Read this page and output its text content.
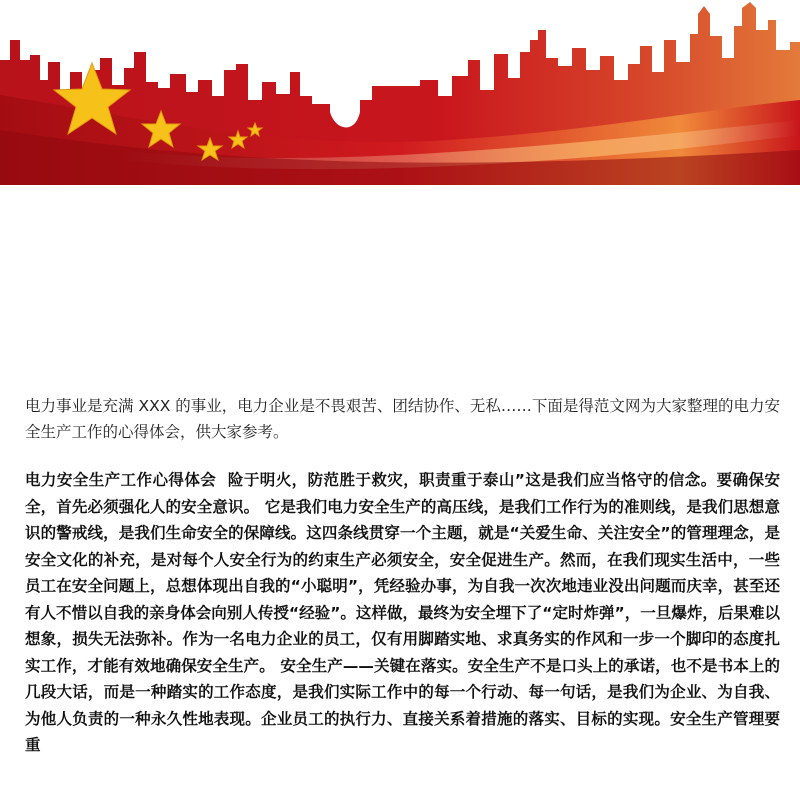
电力事业是充满 XXX 的事业，电力企业是不畏艰苦、团结协作、无私……下面是得范文网为大家整理的电力安全生产工作的心得体会，供大家参考。

电力安全生产工作心得体会 险于明火，防范胜于救灾，职责重于泰山”这是我们应当恪守的信念。要确保安全，首先必须强化人的安全意识。 它是我们电力安全生产的高压线，是我们工作行为的准则线，是我们思想意识的警戒线，是我们生命安全的保障线。这四条线贯穿一个主题，就是“关爱生命、关注安全”的管理理念，是安全文化的补充，是对每个人安全行为的约束生产必须安全，安全促进生产。然而，在我们现实生活中，一些员工在安全问题上，总想体现出自我的“小聪明”，凭经验办事，为自我一次次地违业没出问题而庆幸，甚至还有人不惜以自我的亲身体会向别人传授“经验”。这样做，最终为安全埋下了“定时炸弹”，一旦爆炸，后果难以想象，损失无法弥补。作为一名电力企业的员工，仅有用脚踏实地、求真务实的作风和一步一个脚印的态度扎实工作，才能有效地确保安全生产。 安全生产——关键在落实。安全生产不是口头上的承诺，也不是书本上的几段大话，而是一种踏实的工作态度，是我们实际工作中的每一个行动、每一句话，是我们为企业、为自我、为他人负责的一种永久性地表现。企业员工的执行力、直接关系着措施的落实、目标的实现。安全生产管理要重
